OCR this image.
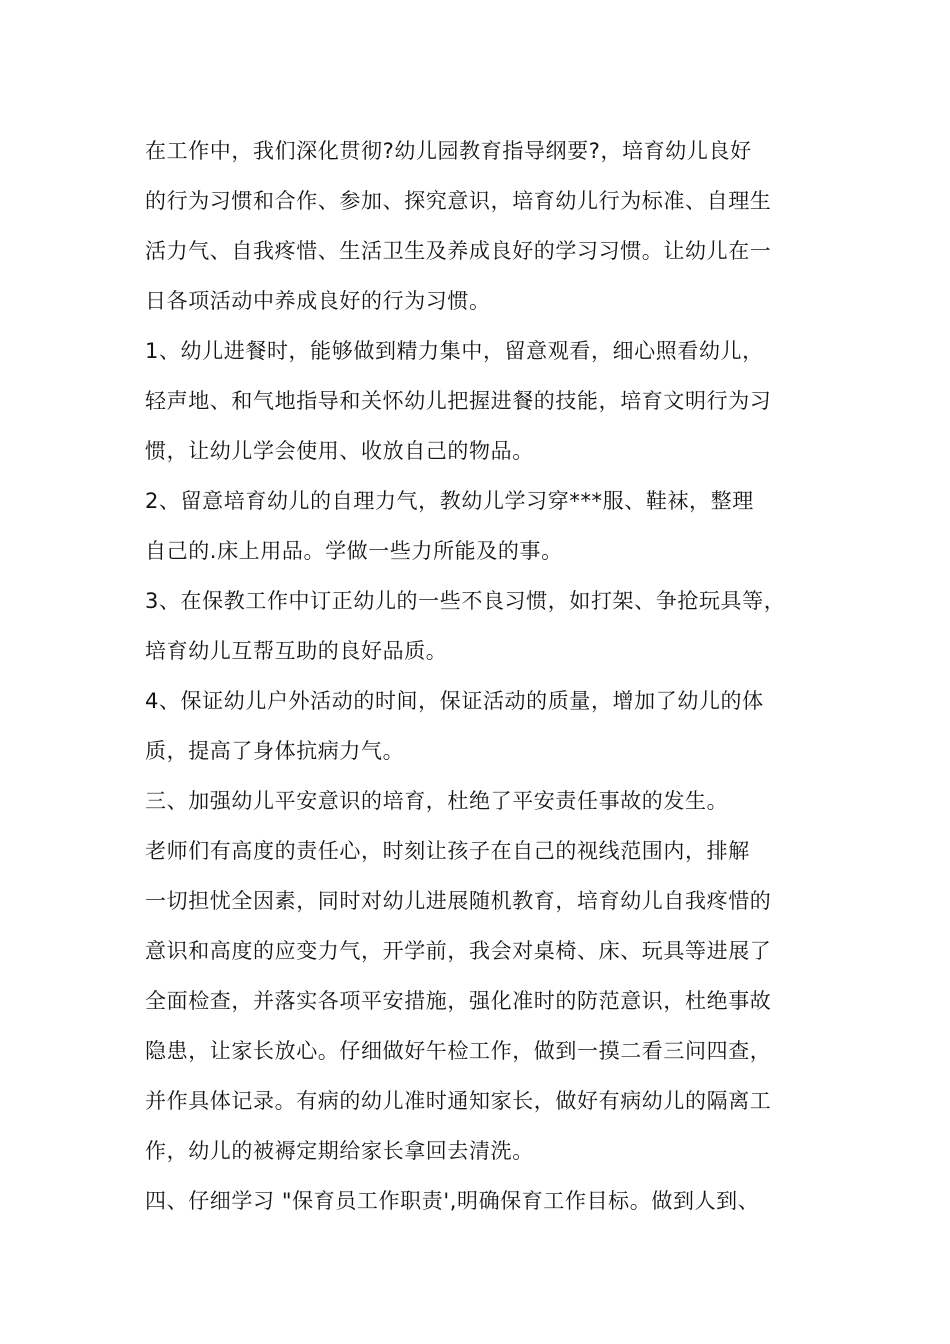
在工作中，我们深化贯彻?幼儿园教育指导纲要?，培育幼儿良好
的行为习惯和合作、参加、探究意识，培育幼儿行为标准、自理生
活力气、自我疼惜、生活卫生及养成良好的学习习惯。让幼儿在一
日各项活动中养成良好的行为习惯。
1、幼儿进餐时，能够做到精力集中，留意观看，细心照看幼儿，
轻声地、和气地指导和关怀幼儿把握进餐的技能，培育文明行为习
惯，让幼儿学会使用、收放自己的物品。
2、留意培育幼儿的自理力气，教幼儿学习穿***服、鞋袜，整理
自己的.床上用品。学做一些力所能及的事。
3、在保教工作中订正幼儿的一些不良习惯，如打架、争抢玩具等，
培育幼儿互帮互助的良好品质。
4、保证幼儿户外活动的时间，保证活动的质量，增加了幼儿的体
质，提高了身体抗病力气。
三、加强幼儿平安意识的培育，杜绝了平安责任事故的发生。
老师们有高度的责任心，时刻让孩子在自己的视线范围内，排解
一切担忧全因素，同时对幼儿进展随机教育，培育幼儿自我疼惜的
意识和高度的应变力气，开学前，我会对桌椅、床、玩具等进展了
全面检查，并落实各项平安措施，强化准时的防范意识，杜绝事故
隐患，让家长放心。仔细做好午检工作，做到一摸二看三问四查，
并作具体记录。有病的幼儿准时通知家长，做好有病幼儿的隔离工
作，幼儿的被褥定期给家长拿回去清洗。
四、仔细学习 "保育员工作职责',明确保育工作目标。做到人到、
